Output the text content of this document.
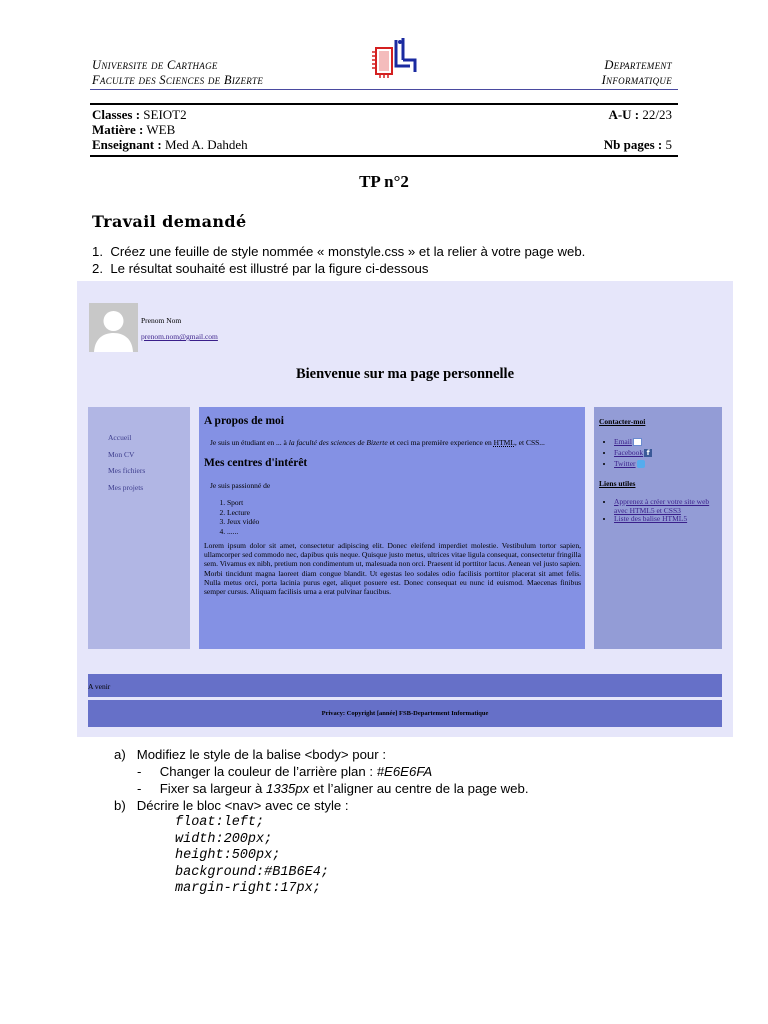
Universite de Carthage
Faculte des Sciences de Bizerte
Departement
Informatique
Classes : SEIOT2
Matière : WEB
Enseignant : Med A. Dahdeh
A-U : 22/23

Nb pages : 5
TP n°2
Travail demandé
1. Créez une feuille de style nommée « monstyle.css » et la relier à votre page web.
2. Le résultat souhaité est illustré par la figure ci-dessous
Prenom Nom
prenom.nom@gmail.com
Bienvenue sur ma page personnelle
Accueil
Mon CV
Mes fichiers
Mes projets
A propos de moi
Je suis un étudiant en ... à la faculté des sciences de Bizerte et ceci ma première experience en HTML, et CSS...
Mes centres d'intérêt
Je suis passionné de
1. Sport
2. Lecture
3. Jeux vidéo
4. ......
Lorem ipsum dolor sit amet, consectetur adipiscing elit. Donec eleifend imperdiet molestie. Vestibulum tortor sapien, ullamcorper sed commodo nec, dapibus quis neque. Quisque justo metus, ultrices vitae ligula consequat, consectetur fringilla sem. Vivamus ex nibh, pretium non condimentum ut, malesuada non orci. Praesent id porttitor lacus. Aenean vel justo sapien. Morbi tincidunt magna laoreet diam congue blandit. Ut egestas leo sodales odio facilisis porttitor placerat sit amet felis. Nulla metus orci, porta lacinia purus eget, aliquet posuere est. Donec consequat eu nunc id euismod. Maecenas finibus semper cursus. Aliquam facilisis urna a erat pulvinar faucibus.
Contacter-moi
• Email
• Facebook f
• Twitter
Liens utiles
• Apprenez à créer votre site web avec HTML5 et CSS3
• Liste des balise HTML5
A venir
Privacy: Copyright [année] FSB-Departement Informatique
a) Modifiez le style de la balise <body> pour :
-     Changer la couleur de l’arrière plan : #E6E6FA
-     Fixer sa largeur à 1335px et l’aligner au centre de la page web.
b) Décrire le bloc <nav> avec ce style :
float:left;
width:200px;
height:500px;
background:#B1B6E4;
margin-right:17px;
